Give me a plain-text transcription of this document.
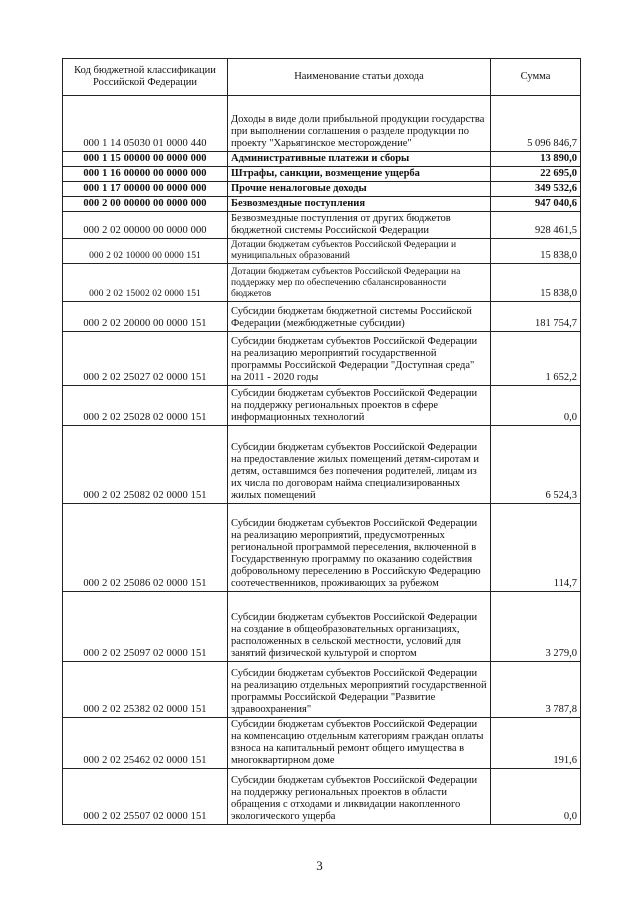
Код бюджетной классификации Российской Федерации	Наименование статьи дохода	Сумма
000 1 14 05030 01 0000 440	Доходы в виде доли прибыльной продукции государства при выполнении соглашения о разделе продукции по проекту "Харьягинское месторождение"	5 096 846,7
000 1 15 00000 00 0000 000	Административные платежи и сборы	13 890,0
000 1 16 00000 00 0000 000	Штрафы, санкции, возмещение ущерба	22 695,0
000 1 17 00000 00 0000 000	Прочие неналоговые доходы	349 532,6
000 2 00 00000 00 0000 000	Безвозмездные поступления	947 040,6
000 2 02 00000 00 0000 000	Безвозмездные поступления от других бюджетов бюджетной системы Российской Федерации	928 461,5
000 2 02 10000 00 0000 151	Дотации бюджетам субъектов Российской Федерации и муниципальных образований	15 838,0
000 2 02 15002 02 0000 151	Дотации бюджетам субъектов Российской Федерации на поддержку мер по обеспечению сбалансированности бюджетов	15 838,0
000 2 02 20000 00 0000 151	Субсидии бюджетам бюджетной системы Российской Федерации (межбюджетные субсидии)	181 754,7
000 2 02 25027 02 0000 151	Субсидии бюджетам субъектов Российской Федерации на реализацию мероприятий государственной программы Российской Федерации "Доступная среда" на 2011 - 2020 годы	1 652,2
000 2 02 25028 02 0000 151	Субсидии бюджетам субъектов Российской Федерации на поддержку региональных проектов в сфере информационных технологий	0,0
000 2 02 25082 02 0000 151	Субсидии бюджетам субъектов Российской Федерации на предоставление жилых помещений детям-сиротам и детям, оставшимся без попечения родителей, лицам из их числа по договорам найма специализированных жилых помещений	6 524,3
000 2 02 25086 02 0000 151	Субсидии бюджетам субъектов Российской Федерации на реализацию мероприятий, предусмотренных региональной программой переселения, включенной в Государственную программу по оказанию содействия добровольному переселению в Российскую Федерацию соотечественников, проживающих за рубежом	114,7
000 2 02 25097 02 0000 151	Субсидии бюджетам субъектов Российской Федерации на создание в общеобразовательных организациях, расположенных в сельской местности, условий для занятий физической культурой и спортом	3 279,0
000 2 02 25382 02 0000 151	Субсидии бюджетам субъектов Российской Федерации на реализацию отдельных мероприятий государственной программы Российской Федерации "Развитие здравоохранения"	3 787,8
000 2 02 25462 02 0000 151	Субсидии бюджетам субъектов Российской Федерации на компенсацию отдельным категориям граждан оплаты взноса на капитальный ремонт общего имущества в многоквартирном доме	191,6
000 2 02 25507 02 0000 151	Субсидии бюджетам субъектов Российской Федерации на поддержку региональных проектов в области обращения с отходами и ликвидации накопленного экологического ущерба	0,0
3
